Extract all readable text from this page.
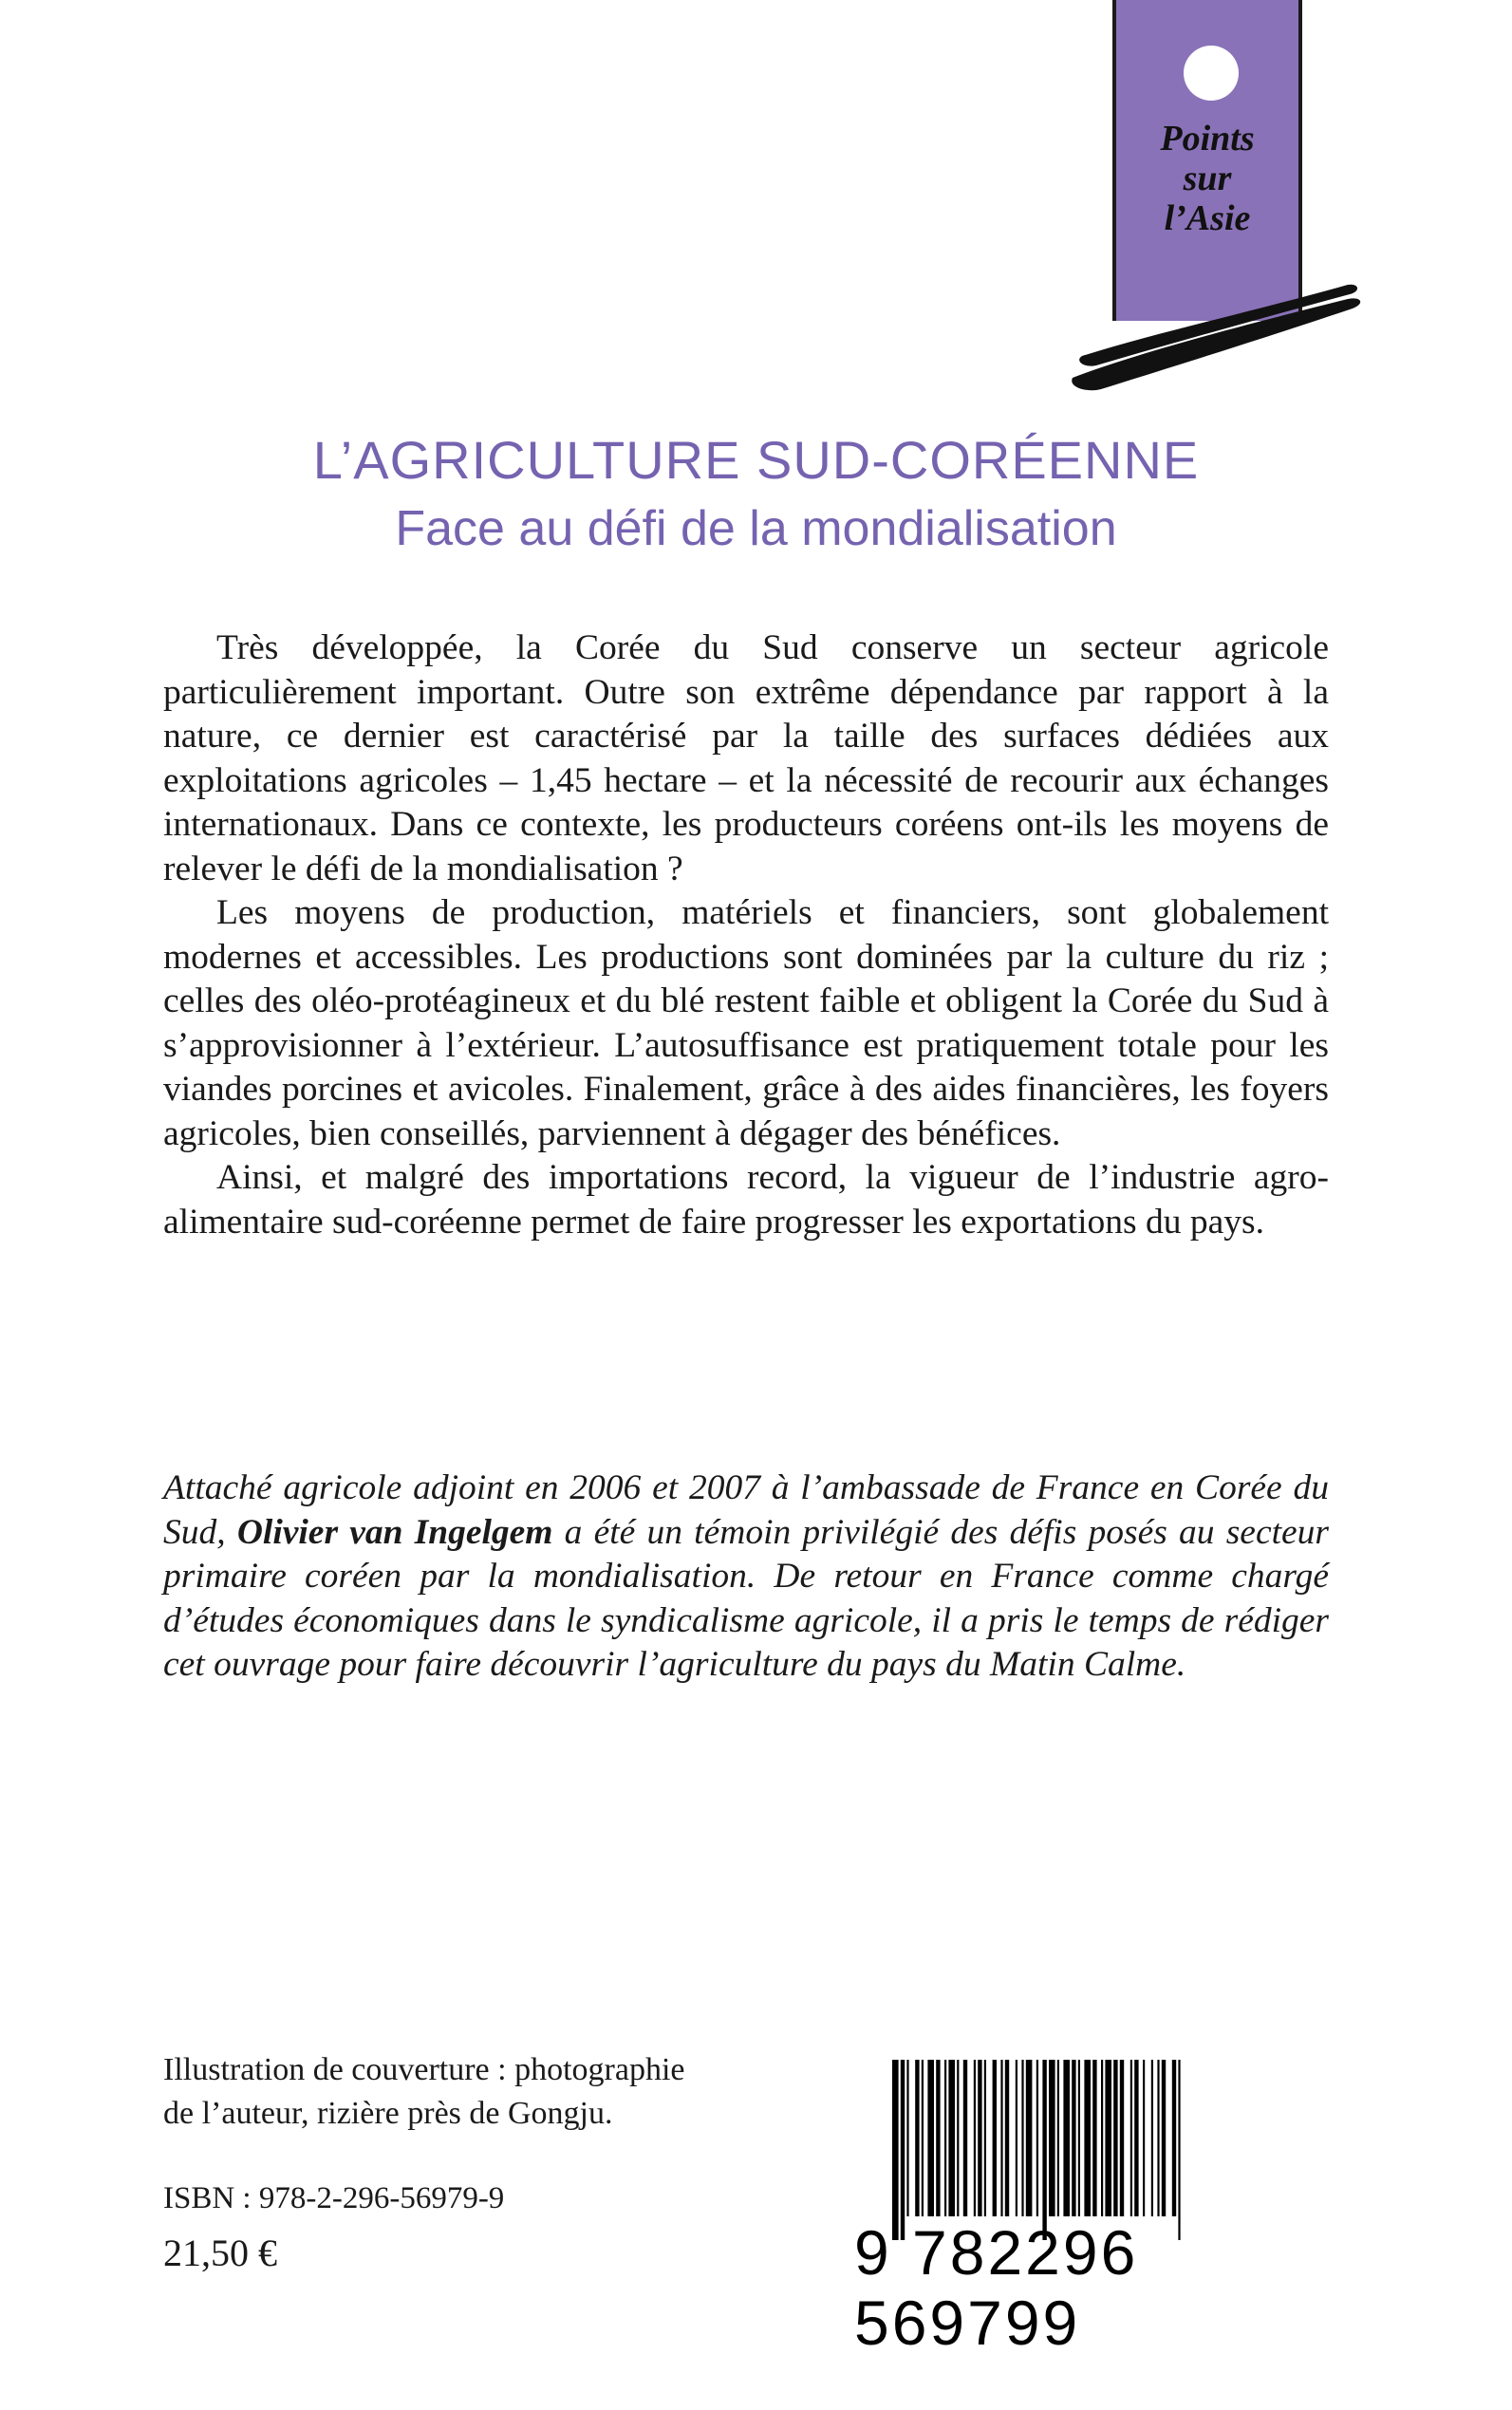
Points
sur
l’Asie
L’AGRICULTURE SUD-CORÉENNE
Face au défi de la mondialisation

Très développée, la Corée du Sud conserve un secteur agricole particulièrement important. Outre son extrême dépendance par rapport à la nature, ce dernier est caractérisé par la taille des surfaces dédiées aux exploitations agricoles – 1,45 hectare – et la nécessité de recourir aux échanges internationaux. Dans ce contexte, les producteurs coréens ont-ils les moyens de relever le défi de la mondialisation ?

Les moyens de production, matériels et financiers, sont globalement modernes et accessibles. Les productions sont dominées par la culture du riz ; celles des oléo-protéagineux et du blé restent faible et obligent la Corée du Sud à s’approvisionner à l’extérieur. L’autosuffisance est pratiquement totale pour les viandes porcines et avicoles. Finalement, grâce à des aides financières, les foyers agricoles, bien conseillés, parviennent à dégager des bénéfices.

Ainsi, et malgré des importations record, la vigueur de l’industrie agro-alimentaire sud-coréenne permet de faire progresser les exportations du pays.

Attaché agricole adjoint en 2006 et 2007 à l’ambassade de France en Corée du Sud, Olivier van Ingelgem a été un témoin privilégié des défis posés au secteur primaire coréen par la mondialisation. De retour en France comme chargé d’études économiques dans le syndicalisme agricole, il a pris le temps de rédiger cet ouvrage pour faire découvrir l’agriculture du pays du Matin Calme.
Illustration de couverture : photographie
de l’auteur, rizière près de Gongju.
ISBN : 978-2-296-56979-9
21,50 €	9 782296 569799
